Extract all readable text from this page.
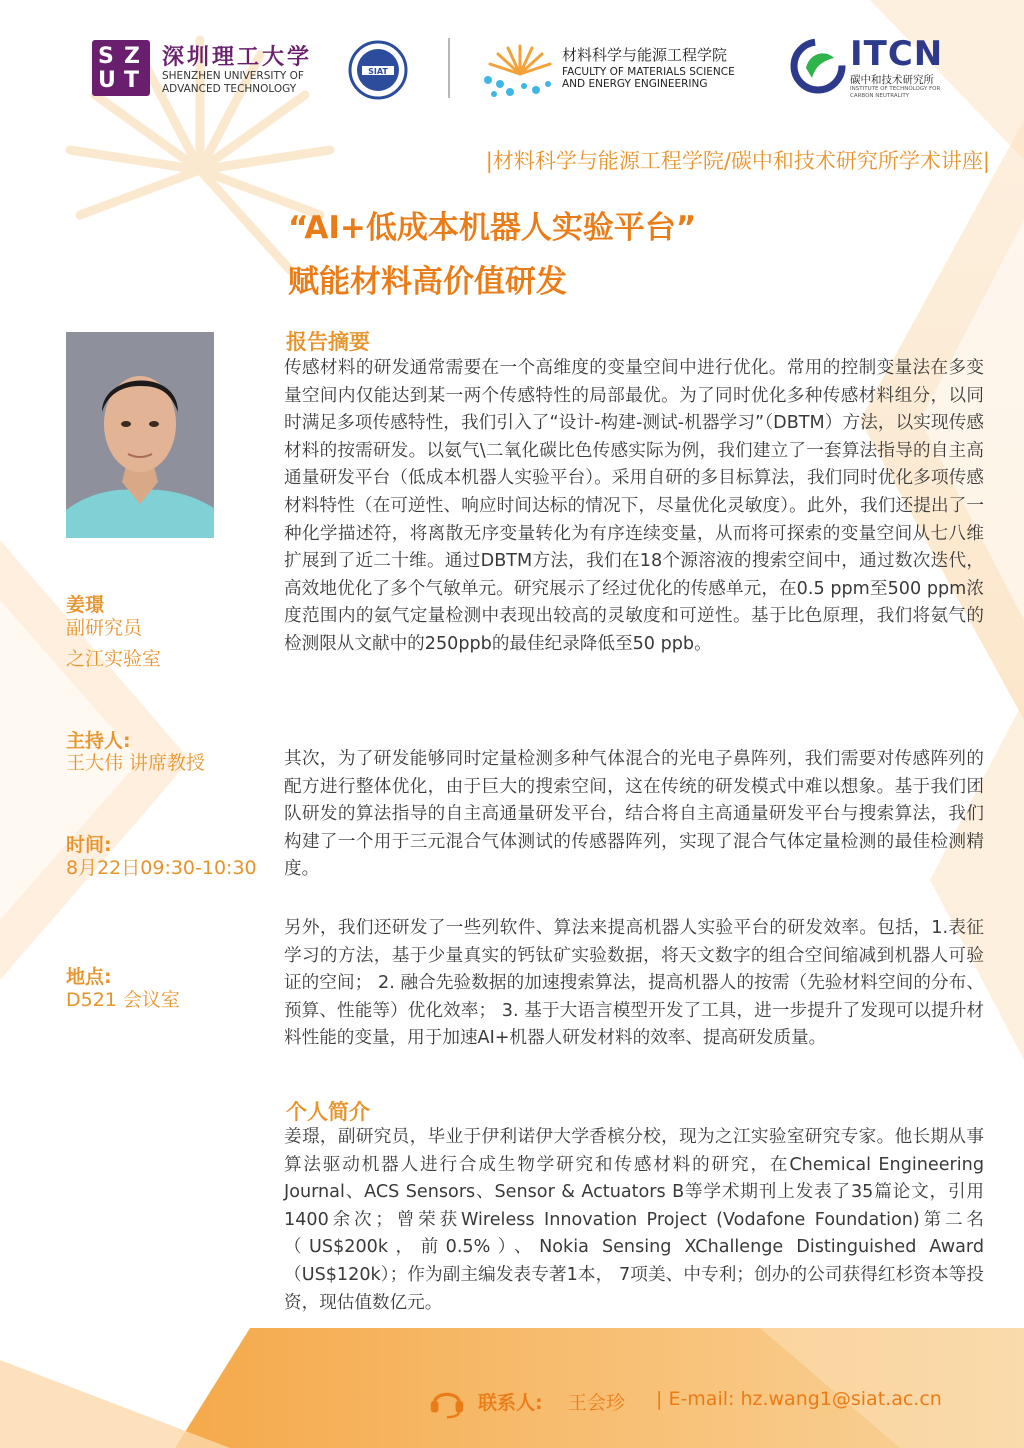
S Z
U T
深圳理工大学
SHENZHEN UNIVERSITY OF
ADVANCED TECHNOLOGY
SIAT
材料科学与能源工程学院
FACULTY OF MATERIALS SCIENCE
AND ENERGY ENGINEERING
ITCN
碳中和技术研究所
INSTITUTE OF TECHNOLOGY FOR
CARBON NEUTRALITY
|材料科学与能源工程学院/碳中和技术研究所学术讲座|
“AI+低成本机器人实验平台”
赋能材料高价值研发
姜璟
副研究员
之江实验室
主持人:
王大伟 讲席教授
时间:
8月22日09:30-10:30
地点:
D521 会议室
报告摘要
传感材料的研发通常需要在一个高维度的变量空间中进行优化。常用的控制变量法在多变量空间内仅能达到某一两个传感特性的局部最优。为了同时优化多种传感材料组分，以同时满足多项传感特性，我们引入了“设计-构建-测试-机器学习”（DBTM）方法，以实现传感材料的按需研发。以氨气\二氧化碳比色传感实际为例，我们建立了一套算法指导的自主高通量研发平台（低成本机器人实验平台）。采用自研的多目标算法，我们同时优化多项传感材料特性（在可逆性、响应时间达标的情况下，尽量优化灵敏度）。此外，我们还提出了一种化学描述符，将离散无序变量转化为有序连续变量，从而将可探索的变量空间从七八维扩展到了近二十维。通过DBTM方法，我们在18个源溶液的搜索空间中，通过数次迭代，高效地优化了多个气敏单元。研究展示了经过优化的传感单元，在0.5 ppm至500 ppm浓度范围内的氨气定量检测中表现出较高的灵敏度和可逆性。基于比色原理，我们将氨气的检测限从文献中的250ppb的最佳纪录降低至50 ppb。
其次，为了研发能够同时定量检测多种气体混合的光电子鼻阵列，我们需要对传感阵列的配方进行整体优化，由于巨大的搜索空间，这在传统的研发模式中难以想象。基于我们团队研发的算法指导的自主高通量研发平台，结合将自主高通量研发平台与搜索算法，我们构建了一个用于三元混合气体测试的传感器阵列，实现了混合气体定量检测的最佳检测精度。
另外，我们还研发了一些列软件、算法来提高机器人实验平台的研发效率。包括，1.表征学习的方法，基于少量真实的钙钛矿实验数据，将天文数字的组合空间缩减到机器人可验证的空间； 2. 融合先验数据的加速搜索算法，提高机器人的按需（先验材料空间的分布、预算、性能等）优化效率； 3. 基于大语言模型开发了工具，进一步提升了发现可以提升材料性能的变量，用于加速AI+机器人研发材料的效率、提高研发质量。
个人简介
姜璟，副研究员，毕业于伊利诺伊大学香槟分校，现为之江实验室研究专家。他长期从事算法驱动机器人进行合成生物学研究和传感材料的研究，在Chemical Engineering Journal、ACS Sensors、Sensor & Actuators B等学术期刊上发表了35篇论文，引用1400余次；曾荣获Wireless Innovation Project (Vodafone Foundation)第二名（US$200k，前0.5%）、Nokia Sensing XChallenge Distinguished Award（US$120k）；作为副主编发表专著1本， 7项美、中专利；创办的公司获得红杉资本等投资，现估值数亿元。
联系人: 王会珍 | E-mail: hz.wang1@siat.ac.cn
